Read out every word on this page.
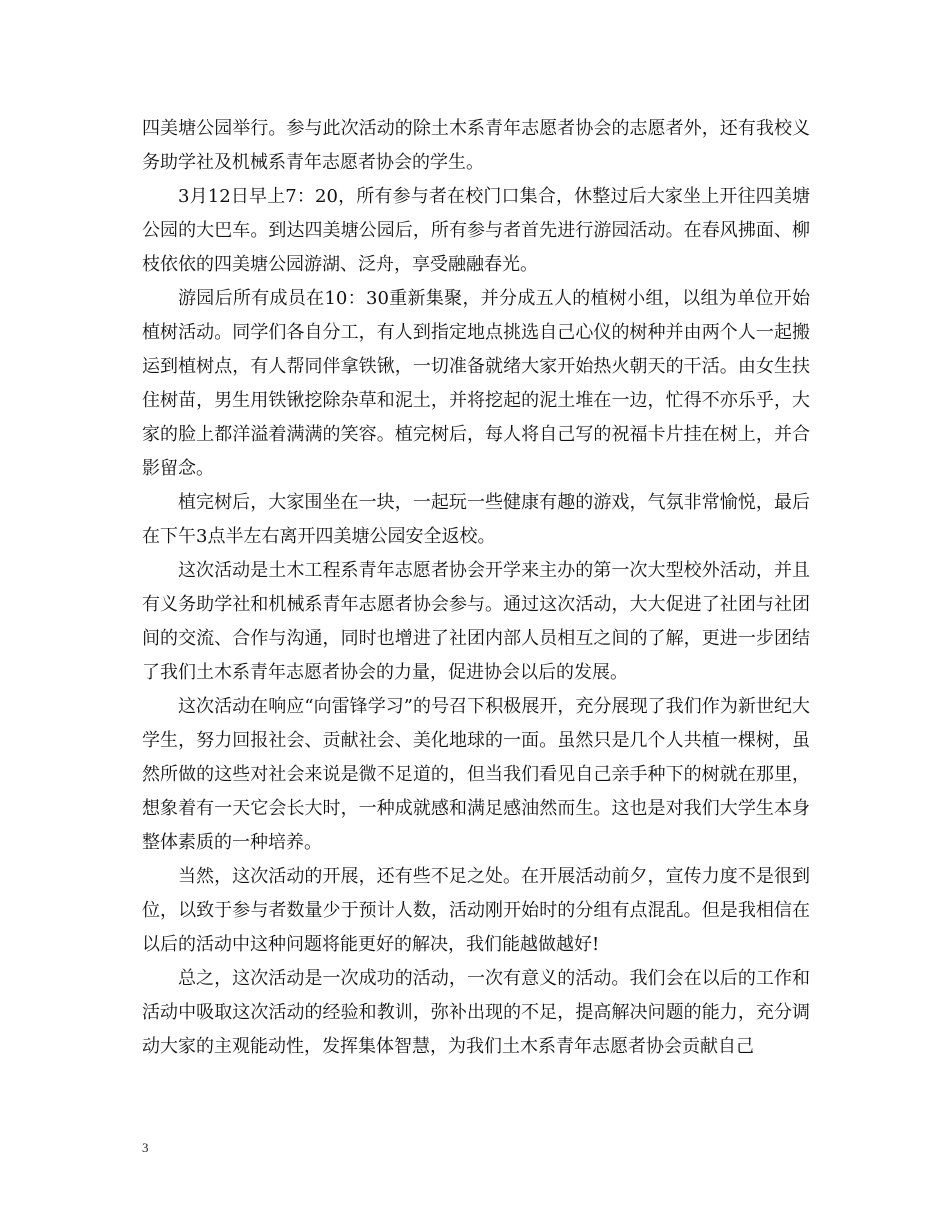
四美塘公园举行。参与此次活动的除土木系青年志愿者协会的志愿者外，还有我校义务助学社及机械系青年志愿者协会的学生。

3月12日早上7：20，所有参与者在校门口集合，休整过后大家坐上开往四美塘公园的大巴车。到达四美塘公园后，所有参与者首先进行游园活动。在春风拂面、柳枝依依的四美塘公园游湖、泛舟，享受融融春光。

游园后所有成员在10：30重新集聚，并分成五人的植树小组，以组为单位开始植树活动。同学们各自分工，有人到指定地点挑选自己心仪的树种并由两个人一起搬运到植树点，有人帮同伴拿铁锹，一切准备就绪大家开始热火朝天的干活。由女生扶住树苗，男生用铁锹挖除杂草和泥土，并将挖起的泥土堆在一边，忙得不亦乐乎，大家的脸上都洋溢着满满的笑容。植完树后，每人将自己写的祝福卡片挂在树上，并合影留念。

植完树后，大家围坐在一块，一起玩一些健康有趣的游戏，气氛非常愉悦，最后在下午3点半左右离开四美塘公园安全返校。

这次活动是土木工程系青年志愿者协会开学来主办的第一次大型校外活动，并且有义务助学社和机械系青年志愿者协会参与。通过这次活动，大大促进了社团与社团间的交流、合作与沟通，同时也增进了社团内部人员相互之间的了解，更进一步团结了我们土木系青年志愿者协会的力量，促进协会以后的发展。

这次活动在响应“向雷锋学习”的号召下积极展开，充分展现了我们作为新世纪大学生，努力回报社会、贡献社会、美化地球的一面。虽然只是几个人共植一棵树，虽然所做的这些对社会来说是微不足道的，但当我们看见自己亲手种下的树就在那里，想象着有一天它会长大时，一种成就感和满足感油然而生。这也是对我们大学生本身整体素质的一种培养。

当然，这次活动的开展，还有些不足之处。在开展活动前夕，宣传力度不是很到位，以致于参与者数量少于预计人数，活动刚开始时的分组有点混乱。但是我相信在以后的活动中这种问题将能更好的解决，我们能越做越好!

总之，这次活动是一次成功的活动，一次有意义的活动。我们会在以后的工作和活动中吸取这次活动的经验和教训，弥补出现的不足，提高解决问题的能力，充分调动大家的主观能动性，发挥集体智慧，为我们土木系青年志愿者协会贡献自己

3
